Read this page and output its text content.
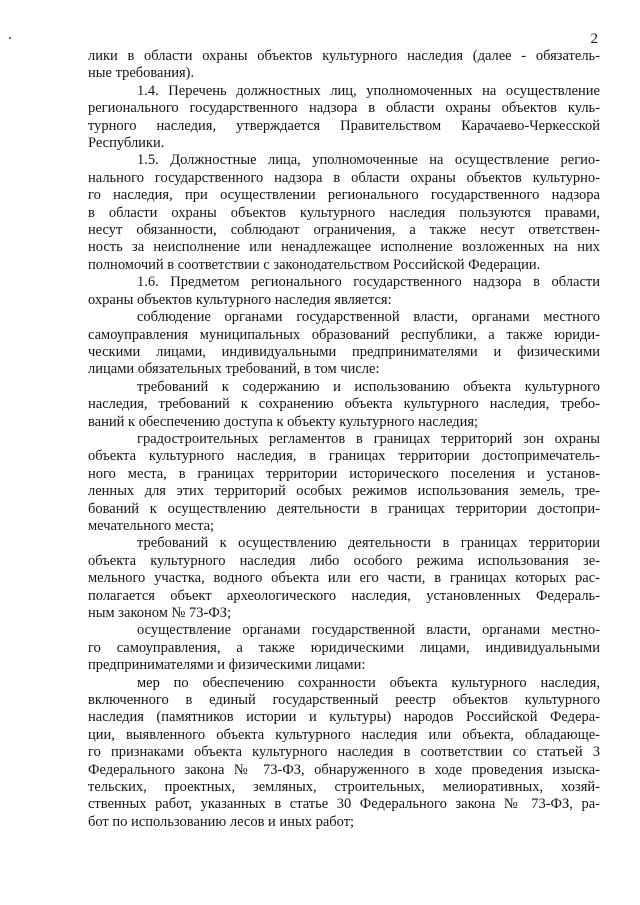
2
лики в области охраны объектов культурного наследия (далее - обязатель-
ные требования).
1.4. Перечень должностных лиц, уполномоченных на осуществление
регионального государственного надзора в области охраны объектов куль-
турного наследия, утверждается Правительством Карачаево-Черкесской
Республики.
1.5. Должностные лица, уполномоченные на осуществление регио-
нального государственного надзора в области охраны объектов культурно-
го наследия, при осуществлении регионального государственного надзора
в области охраны объектов культурного наследия пользуются правами,
несут обязанности, соблюдают ограничения, а также несут ответствен-
ность за неисполнение или ненадлежащее исполнение возложенных на них
полномочий в соответствии с законодательством Российской Федерации.
1.6. Предметом регионального государственного надзора в области
охраны объектов культурного наследия является:
соблюдение органами государственной власти, органами местного
самоуправления муниципальных образований республики, а также юриди-
ческими лицами, индивидуальными предпринимателями и физическими
лицами обязательных требований, в том числе:
требований к содержанию и использованию объекта культурного
наследия, требований к сохранению объекта культурного наследия, требо-
ваний к обеспечению доступа к объекту культурного наследия;
градостроительных регламентов в границах территорий зон охраны
объекта культурного наследия, в границах территории достопримечатель-
ного места, в границах территории исторического поселения и установ-
ленных для этих территорий особых режимов использования земель, тре-
бований к осуществлению деятельности в границах территории достопри-
мечательного места;
требований к осуществлению деятельности в границах территории
объекта культурного наследия либо особого режима использования зе-
мельного участка, водного объекта или его части, в границах которых рас-
полагается объект археологического наследия, установленных Федераль-
ным законом № 73-ФЗ;
осуществление органами государственной власти, органами местно-
го самоуправления, а также юридическими лицами, индивидуальными
предпринимателями и физическими лицами:
мер по обеспечению сохранности объекта культурного наследия,
включенного в единый государственный реестр объектов культурного
наследия (памятников истории и культуры) народов Российской Федера-
ции, выявленного объекта культурного наследия или объекта, обладающе-
го признаками объекта культурного наследия в соответствии со статьей 3
Федерального закона № 73-ФЗ, обнаруженного в ходе проведения изыска-
тельских, проектных, земляных, строительных, мелиоративных, хозяй-
ственных работ, указанных в статье 30 Федерального закона № 73-ФЗ, ра-
бот по использованию лесов и иных работ;
